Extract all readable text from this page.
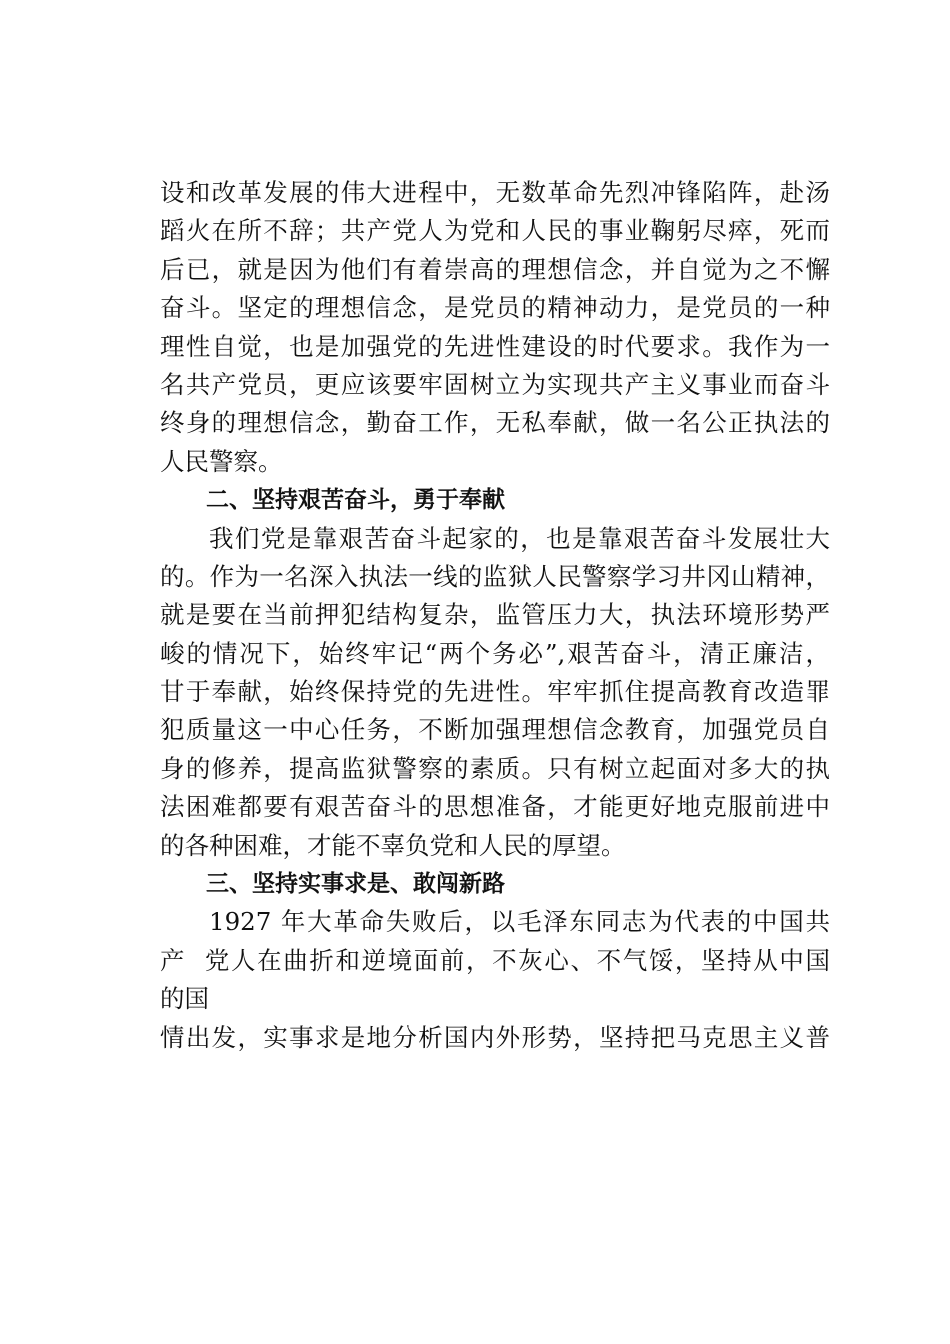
设和改革发展的伟大进程中，无数革命先烈冲锋陷阵，赴汤
蹈火在所不辞；共产党人为党和人民的事业鞠躬尽瘁，死而
后已，就是因为他们有着崇高的理想信念，并自觉为之不懈
奋斗。坚定的理想信念，是党员的精神动力，是党员的一种
理性自觉，也是加强党的先进性建设的时代要求。我作为一
名共产党员，更应该要牢固树立为实现共产主义事业而奋斗
终身的理想信念，勤奋工作，无私奉献，做一名公正执法的
人民警察。
二、坚持艰苦奋斗，勇于奉献
我们党是靠艰苦奋斗起家的，也是靠艰苦奋斗发展壮大
的。作为一名深入执法一线的监狱人民警察学习井冈山精神，
就是要在当前押犯结构复杂，监管压力大，执法环境形势严
峻的情况下，始终牢记“两个务必”,艰苦奋斗，清正廉洁，
甘于奉献，始终保持党的先进性。牢牢抓住提高教育改造罪
犯质量这一中心任务，不断加强理想信念教育，加强党员自
身的修养，提高监狱警察的素质。只有树立起面对多大的执
法困难都要有艰苦奋斗的思想准备，才能更好地克服前进中
的各种困难，才能不辜负党和人民的厚望。
三、坚持实事求是、敢闯新路
1927 年大革命失败后，以毛泽东同志为代表的中国共
产  党人在曲折和逆境面前，不灰心、不气馁，坚持从中国
的国
情出发，实事求是地分析国内外形势，坚持把马克思主义普
